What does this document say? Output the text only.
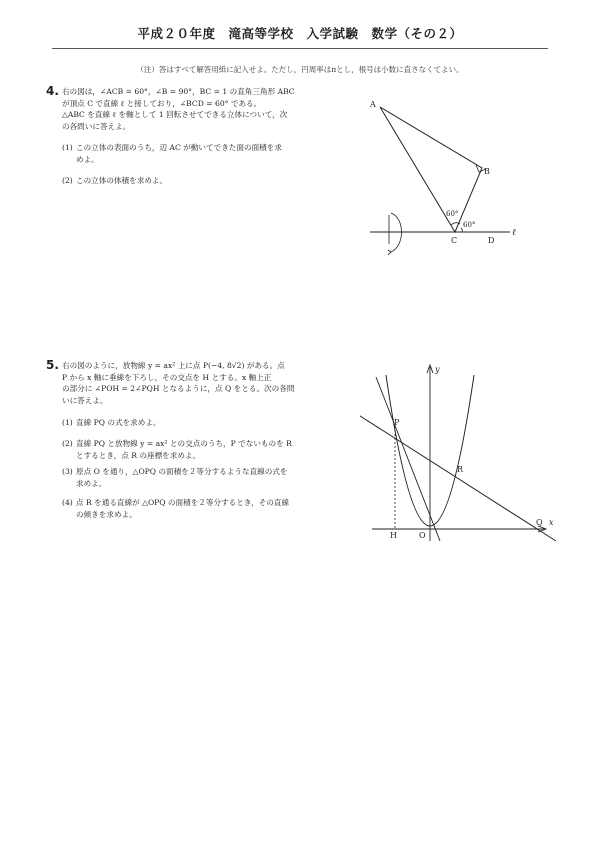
平成２０年度　滝高等学校　入学試験　数学（その２）
（注）答はすべて解答用紙に記入せよ。ただし，円周率はπとし，根号は小数に直さなくてよい。
4. 右の図は，∠ACB = 60°，∠B = 90°，BC = 1 の直角三角形 ABC
が頂点 C で直線 ℓ と接しており，∠BCD = 60° である。
△ABC を直線 ℓ を軸として 1 回転させてできる立体について，次
の各問いに答えよ。
(1) この立体の表面のうち，辺 AC が動いてできた面の面積を求
めよ。
(2) この立体の体積を求めよ。
A
B
C	D
ℓ
60°
60°
5. 右の図のように，放物線 y = ax² 上に点 P(−4, 8√2) がある。点
P から x 軸に垂線を下ろし，その交点を H とする。x 軸上正
の部分に ∠POH = 2∠PQH となるように，点 Q をとる。次の各問
いに答えよ。
(1) 直線 PQ の式を求めよ。
(2) 直線 PQ と放物線 y = ax² との交点のうち，P でないものを R
とするとき，点 R の座標を求めよ。
(3) 原点 O を通り，△OPQ の面積を２等分するような直線の式を
求めよ。
(4) 点 R を通る直線が △OPQ の面積を２等分するとき，その直線
の傾きを求めよ。
y
x
P
R
Q
H	O
